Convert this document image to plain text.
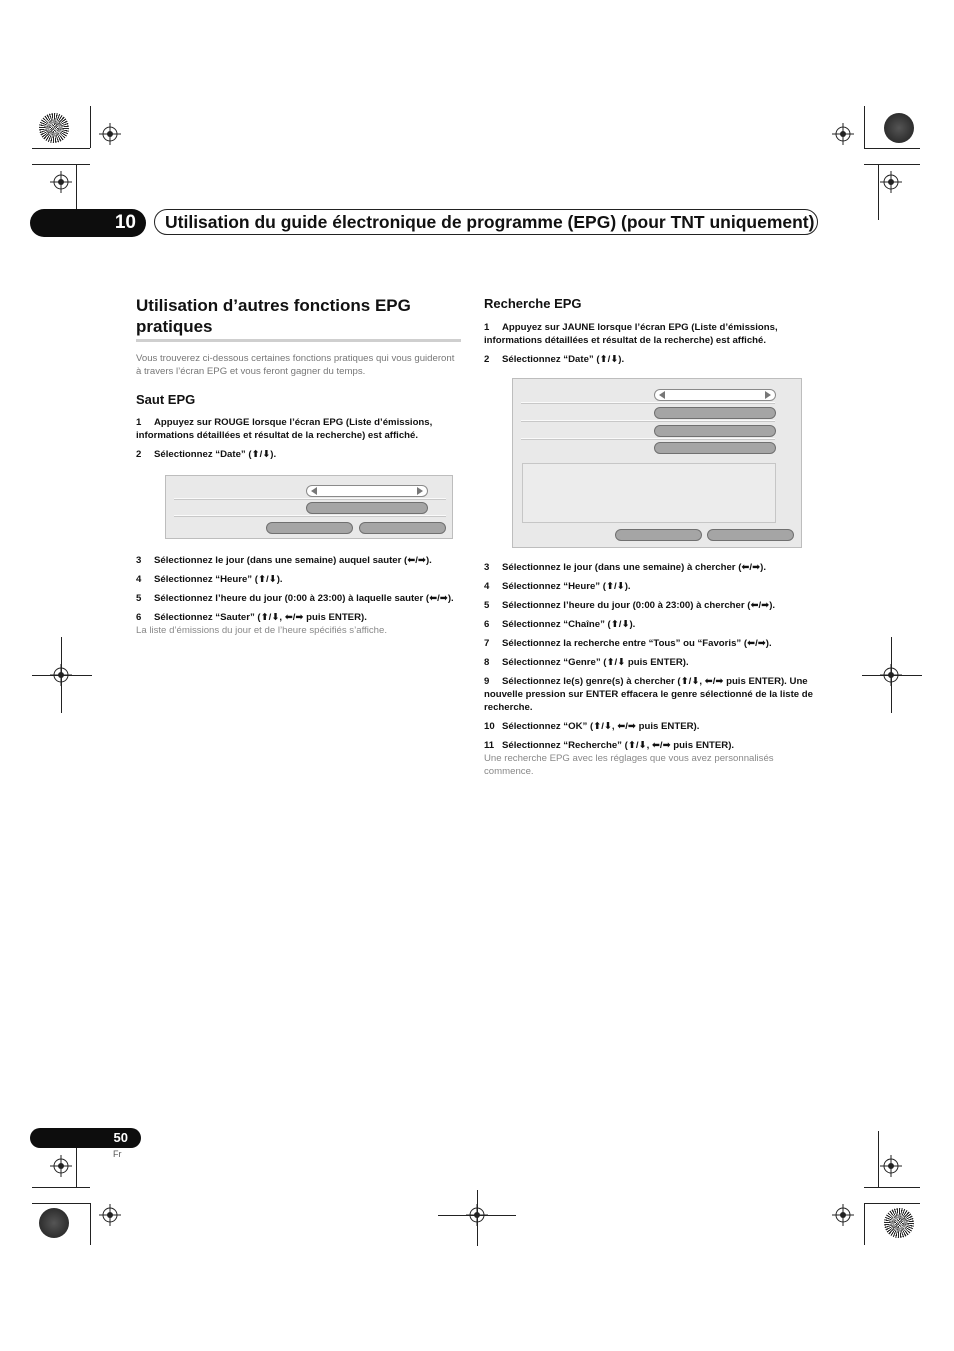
10	Utilisation du guide électronique de programme (EPG) (pour TNT uniquement)
Utilisation d’autres fonctions EPG pratiques
Vous trouverez ci-dessous certaines fonctions pratiques qui vous guideront à travers l’écran EPG et vous feront gagner du temps.
Saut EPG
1 Appuyez sur ROUGE lorsque l’écran EPG (Liste d’émissions, informations détaillées et résultat de la recherche) est affiché.
2 Sélectionnez “Date” (⬆/⬇).
3 Sélectionnez le jour (dans une semaine) auquel sauter (⬅/➡).
4 Sélectionnez “Heure” (⬆/⬇).
5 Sélectionnez l’heure du jour (0:00 à 23:00) à laquelle sauter (⬅/➡).
6 Sélectionnez “Sauter” (⬆/⬇, ⬅/➡ puis ENTER).
La liste d’émissions du jour et de l’heure spécifiés s’affiche.
Recherche EPG
1 Appuyez sur JAUNE lorsque l’écran EPG (Liste d’émissions, informations détaillées et résultat de la recherche) est affiché.
2 Sélectionnez “Date” (⬆/⬇).
3 Sélectionnez le jour (dans une semaine) à chercher (⬅/➡).
4 Sélectionnez “Heure” (⬆/⬇).
5 Sélectionnez l’heure du jour (0:00 à 23:00) à chercher (⬅/➡).
6 Sélectionnez “Chaîne” (⬆/⬇).
7 Sélectionnez la recherche entre “Tous” ou “Favoris” (⬅/➡).
8 Sélectionnez “Genre” (⬆/⬇ puis ENTER).
9 Sélectionnez le(s) genre(s) à chercher (⬆/⬇, ⬅/➡ puis ENTER). Une nouvelle pression sur ENTER effacera le genre sélectionné de la liste de recherche.
10 Sélectionnez “OK” (⬆/⬇, ⬅/➡ puis ENTER).
11 Sélectionnez “Recherche” (⬆/⬇, ⬅/➡ puis ENTER).
Une recherche EPG avec les réglages que vous avez personnalisés commence.
50
Fr
